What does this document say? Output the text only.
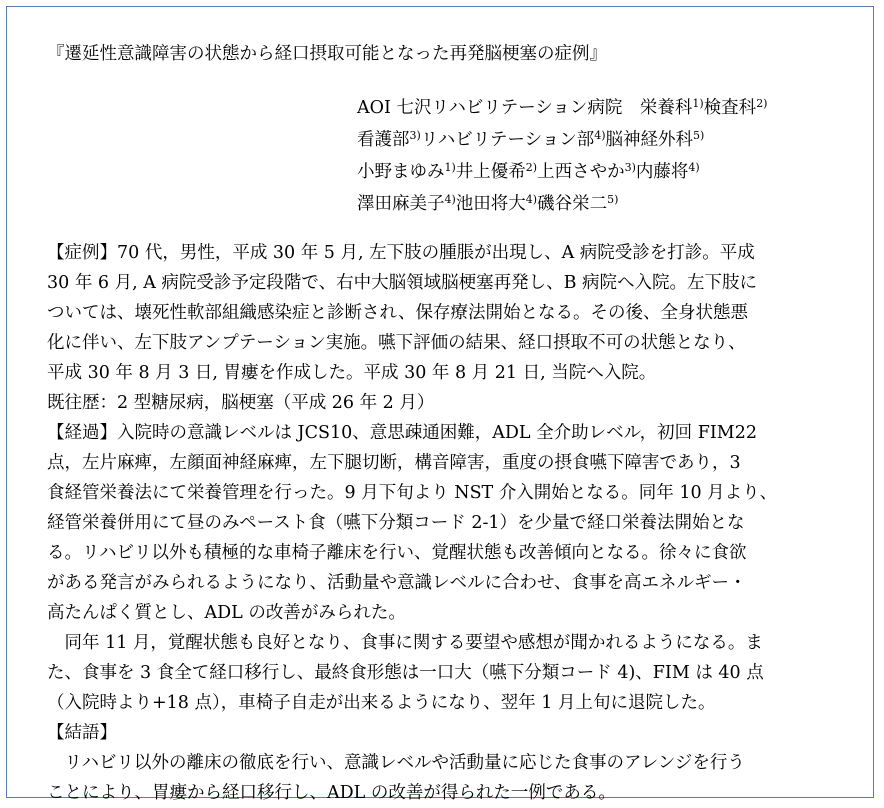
『遷延性意識障害の状態から経口摂取可能となった再発脳梗塞の症例』
AOI 七沢リハビリテーション病院　栄養科$^{1)}$検査科$^{2)}$
看護部$^{3)}$リハビリテーション部$^{4)}$脳神経外科$^{5)}$
小野まゆみ$^{1)}$井上優希$^{2)}$上西さやか$^{3)}$内藤将$^{4)}$
澤田麻美子$^{4)}$池田将大$^{4)}$磯谷栄二$^{5)}$
【症例】70 代，男性，平成 30 年 5 月, 左下肢の腫脹が出現し、A 病院受診を打診。平成
30 年 6 月, A 病院受診予定段階で、右中大脳領域脳梗塞再発し、B 病院へ入院。左下肢に
ついては、壊死性軟部組織感染症と診断され、保存療法開始となる。その後、全身状態悪
化に伴い、左下肢アンプテーション実施。嚥下評価の結果、経口摂取不可の状態となり、
平成 30 年 8 月 3 日, 胃瘻を作成した。平成 30 年 8 月 21 日, 当院へ入院。
既往歴：2 型糖尿病，脳梗塞（平成 26 年 2 月）
【経過】入院時の意識レベルは JCS10、意思疎通困難，ADL 全介助レベル，初回 FIM22
点，左片麻痺，左顔面神経麻痺，左下腿切断，構音障害，重度の摂食嚥下障害であり，3
食経管栄養法にて栄養管理を行った。9 月下旬より NST 介入開始となる。同年 10 月より、
経管栄養併用にて昼のみペースト食（嚥下分類コード 2-1）を少量で経口栄養法開始とな
る。リハビリ以外も積極的な車椅子離床を行い、覚醒状態も改善傾向となる。徐々に食欲
がある発言がみられるようになり、活動量や意識レベルに合わせ、食事を高エネルギー・
高たんぱく質とし、ADL の改善がみられた。
同年 11 月，覚醒状態も良好となり、食事に関する要望や感想が聞かれるようになる。ま
た、食事を 3 食全て経口移行し、最終食形態は一口大（嚥下分類コード 4)、FIM は 40 点
（入院時より+18 点），車椅子自走が出来るようになり、翌年 1 月上旬に退院した。
【結語】
リハビリ以外の離床の徹底を行い、意識レベルや活動量に応じた食事のアレンジを行う
ことにより、胃瘻から経口移行し、ADL の改善が得られた一例である。
